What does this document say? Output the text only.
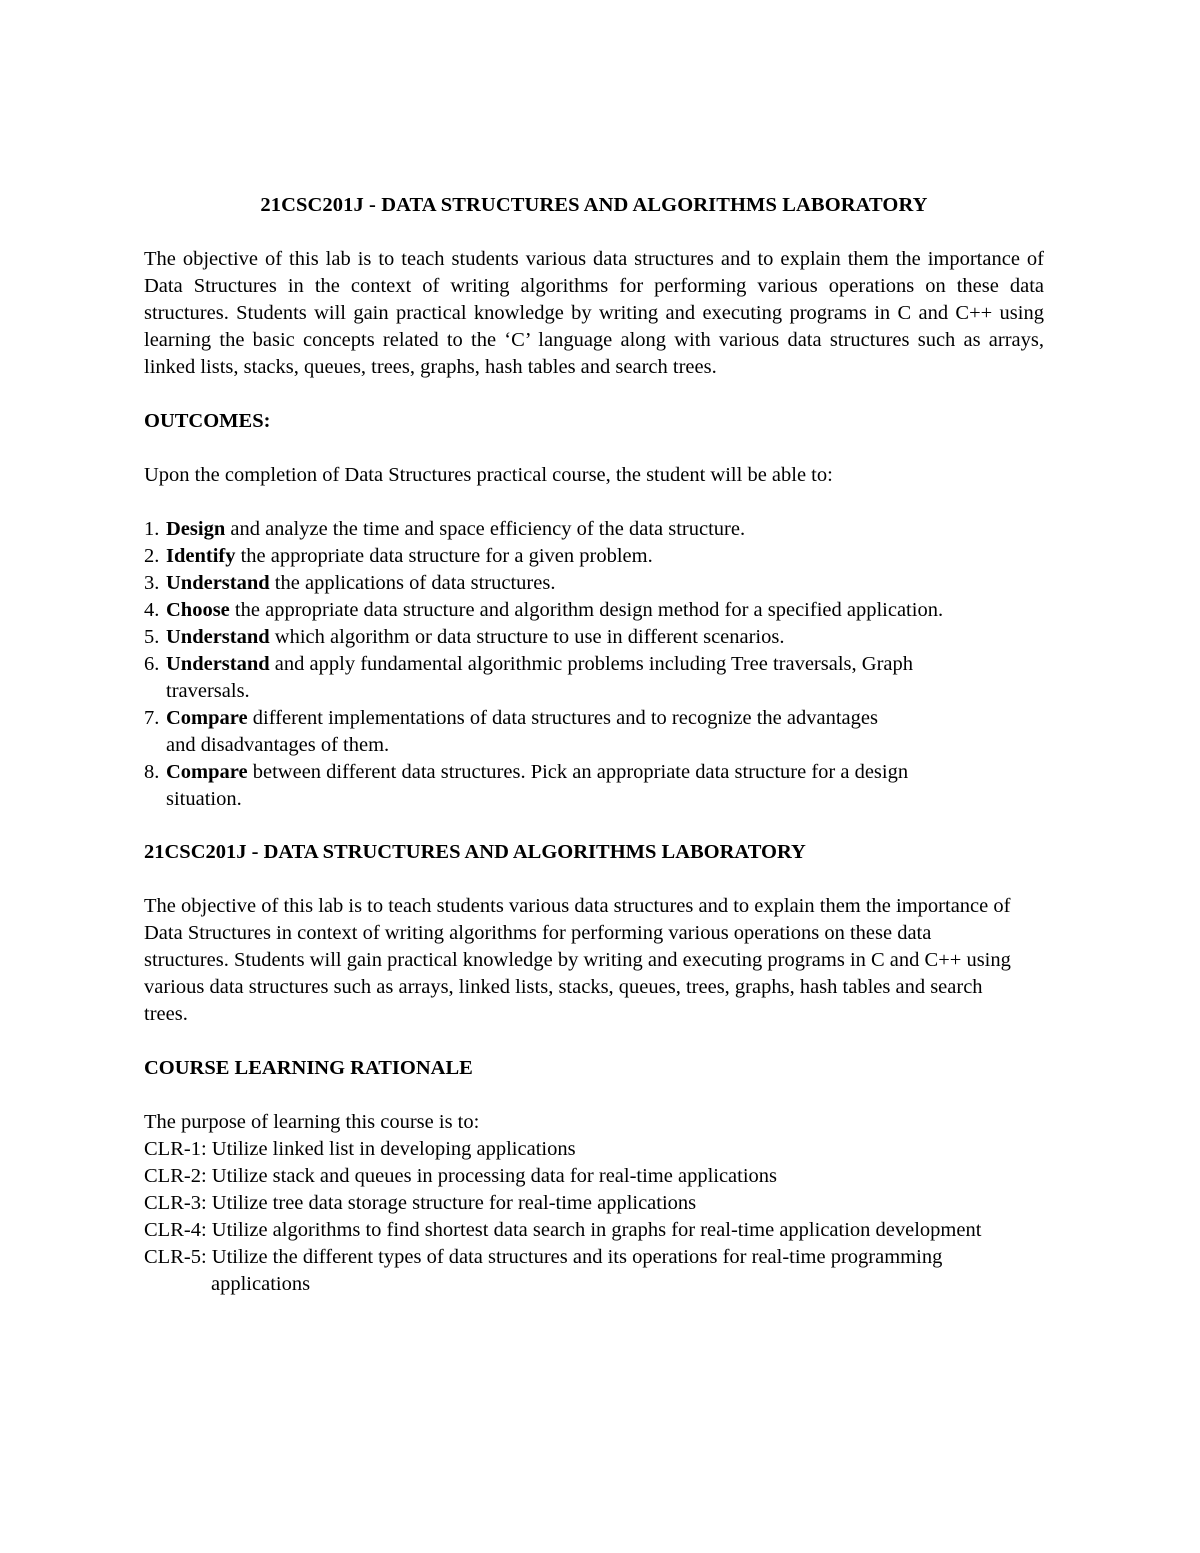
21CSC201J - DATA STRUCTURES AND ALGORITHMS LABORATORY

The objective of this lab is to teach students various data structures and to explain them the importance of Data Structures in the context of writing algorithms for performing various operations on these data structures. Students will gain practical knowledge by writing and executing programs in C and C++ using learning the basic concepts related to the ‘C’ language along with various data structures such as arrays, linked lists, stacks, queues, trees, graphs, hash tables and search trees.

OUTCOMES:

Upon the completion of Data Structures practical course, the student will be able to:

1. Design and analyze the time and space efficiency of the data structure.
2. Identify the appropriate data structure for a given problem.
3. Understand the applications of data structures.
4. Choose the appropriate data structure and algorithm design method for a specified application.
5. Understand which algorithm or data structure to use in different scenarios.
6. Understand and apply fundamental algorithmic problems including Tree traversals, Graph traversals.
7. Compare different implementations of data structures and to recognize the advantages and disadvantages of them.
8. Compare between different data structures. Pick an appropriate data structure for a design situation.
21CSC201J - DATA STRUCTURES AND ALGORITHMS LABORATORY

The objective of this lab is to teach students various data structures and to explain them the importance of Data Structures in context of writing algorithms for performing various operations on these data structures. Students will gain practical knowledge by writing and executing programs in C and C++ using various data structures such as arrays, linked lists, stacks, queues, trees, graphs, hash tables and search trees.

COURSE LEARNING RATIONALE

The purpose of learning this course is to:

CLR-1: Utilize linked list in developing applications
CLR-2: Utilize stack and queues in processing data for real-time applications
CLR-3: Utilize tree data storage structure for real-time applications
CLR-4: Utilize algorithms to find shortest data search in graphs for real-time application development
CLR-5: Utilize the different types of data structures and its operations for real-time programming applications
